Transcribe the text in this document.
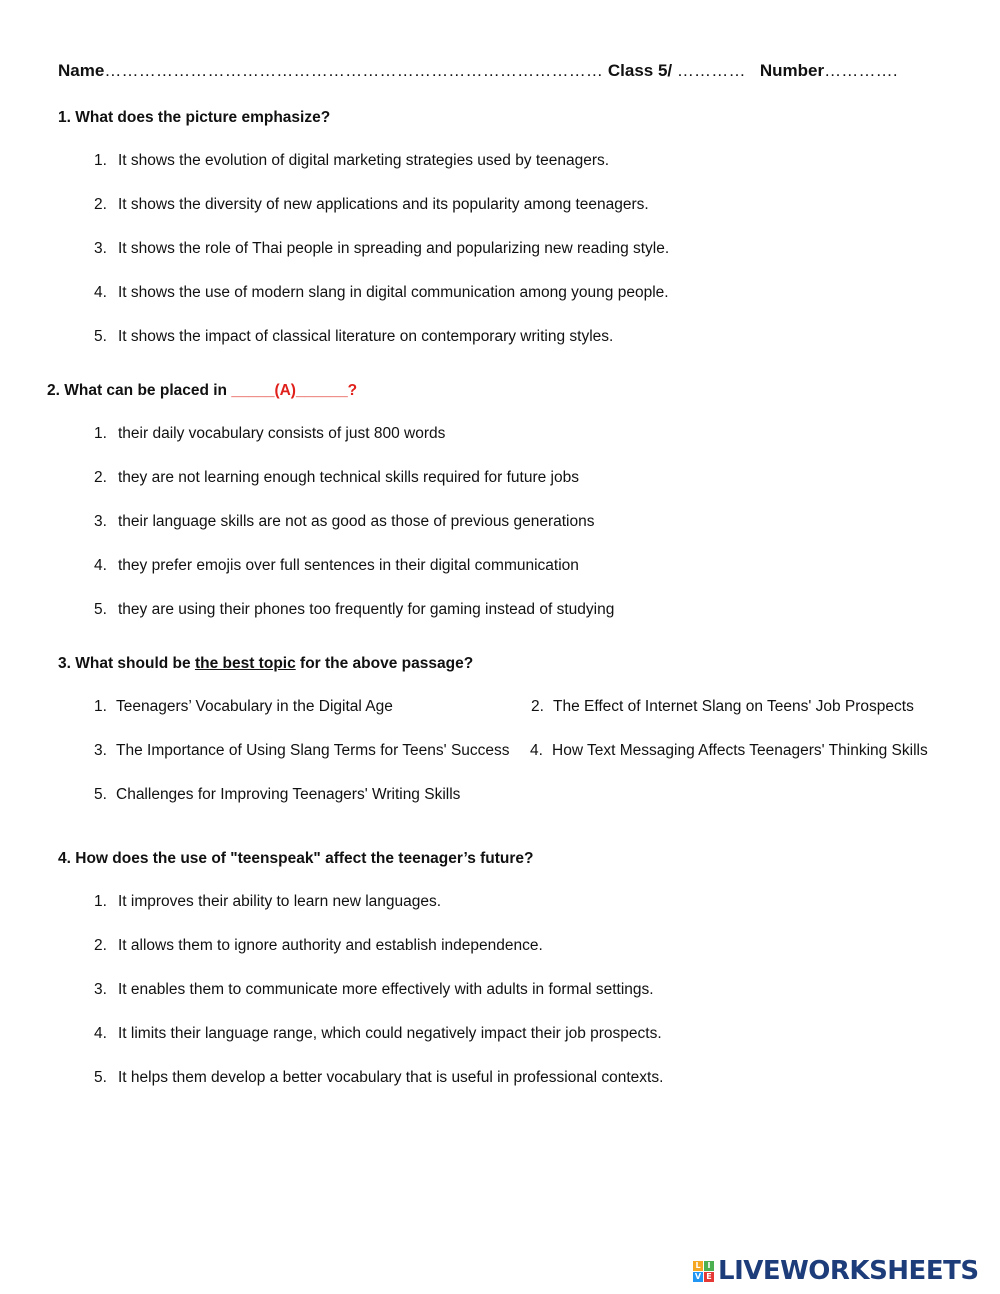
Name…………………………………………………………………………… Class 5/ ………… Number………….
1. What does the picture emphasize?
1. It shows the evolution of digital marketing strategies used by teenagers.
2. It shows the diversity of new applications and its popularity among teenagers.
3. It shows the role of Thai people in spreading and popularizing new reading style.
4. It shows the use of modern slang in digital communication among young people.
5. It shows the impact of classical literature on contemporary writing styles.
2. What can be placed in _____(A)______?
1. their daily vocabulary consists of just 800 words
2. they are not learning enough technical skills required for future jobs
3. their language skills are not as good as those of previous generations
4. they prefer emojis over full sentences in their digital communication
5. they are using their phones too frequently for gaming instead of studying
3. What should be the best topic for the above passage?
1. Teenagers’ Vocabulary in the Digital Age	2. The Effect of Internet Slang on Teens' Job Prospects
3. The Importance of Using Slang Terms for Teens' Success 4. How Text Messaging Affects Teenagers' Thinking Skills
5. Challenges for Improving Teenagers' Writing Skills
4. How does the use of "teenspeak" affect the teenager’s future?
1. It improves their ability to learn new languages.
2. It allows them to ignore authority and establish independence.
3. It enables them to communicate more effectively with adults in formal settings.
4. It limits their language range, which could negatively impact their job prospects.
5. It helps them develop a better vocabulary that is useful in professional contexts.
L I
V E LIVEWORKSHEETS
